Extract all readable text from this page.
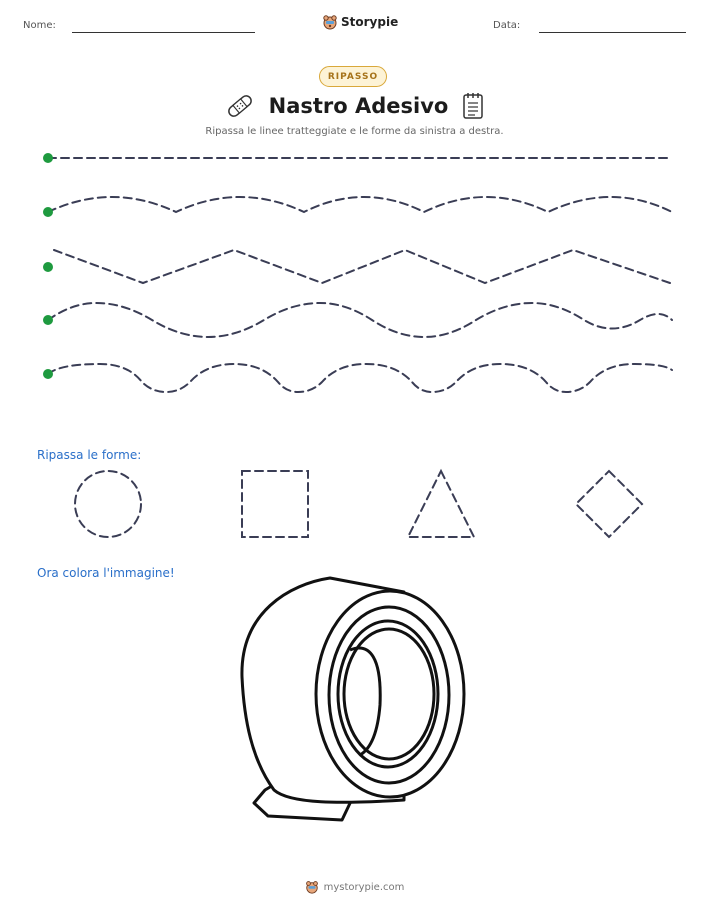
Nome:	Storypie	Data:
RIPASSO
Nastro Adesivo
Ripassa le linee tratteggiate e le forme da sinistra a destra.
Ripassa le forme:
Ora colora l'immagine!
mystorypie.com
